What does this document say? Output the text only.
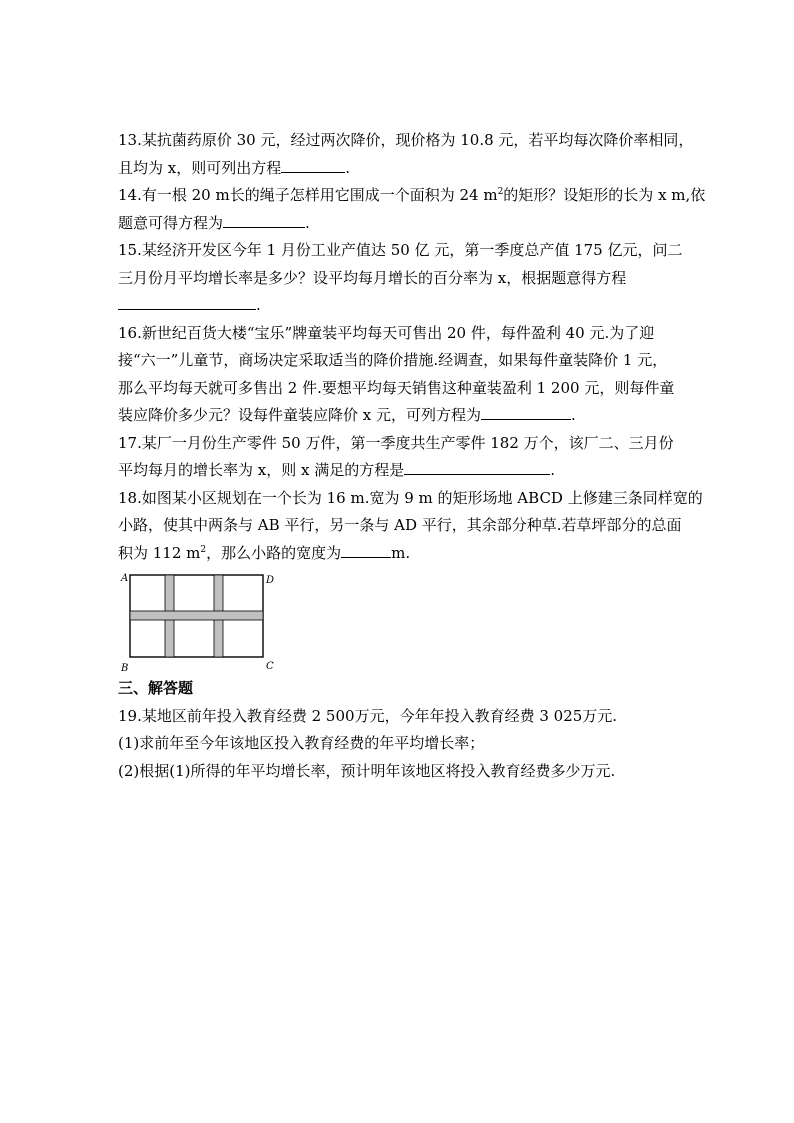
13.某抗菌药原价 30 元，经过两次降价，现价格为 10.8 元，若平均每次降价率相同，
且均为 x，则可列出方程	.

14.有一根 20 m长的绳子怎样用它围成一个面积为 24 $m^2$的矩形？设矩形的长为 x m,依
题意可得方程为	.

15.某经济开发区今年 1 月份工业产值达 50 亿 元，第一季度总产值 175 亿元，问二
三月份月平均增长率是多少？设平均每月增长的百分率为 x，根据题意得方程
.

16.新世纪百货大楼“宝乐”牌童装平均每天可售出 20 件，每件盈利 40 元.为了迎
接“六一”儿童节，商场决定采取适当的降价措施.经调查，如果每件童装降价 1 元，
那么平均每天就可多售出 2 件.要想平均每天销售这种童装盈利 1 200 元，则每件童
装应降价多少元？设每件童装应降价 x 元，可列方程为	.

17.某厂一月份生产零件 50 万件，第一季度共生产零件 182 万个，该厂二、三月份
平均每月的增长率为 x，则 x 满足的方程是	.

18.如图某小区规划在一个长为 16 m.宽为 9 m 的矩形场地 ABCD 上修建三条同样宽的
小路，使其中两条与 AB 平行，另一条与 AD 平行，其余部分种草.若草坪部分的总面
积为 112 $m^2$，那么小路的宽度为	m.

A	D
B	C
三、解答题

19.某地区前年投入教育经费 2 500万元，今年年投入教育经费 3 025万元.
(1)求前年至今年该地区投入教育经费的年平均增长率；
(2)根据(1)所得的年平均增长率，预计明年该地区将投入教育经费多少万元.
